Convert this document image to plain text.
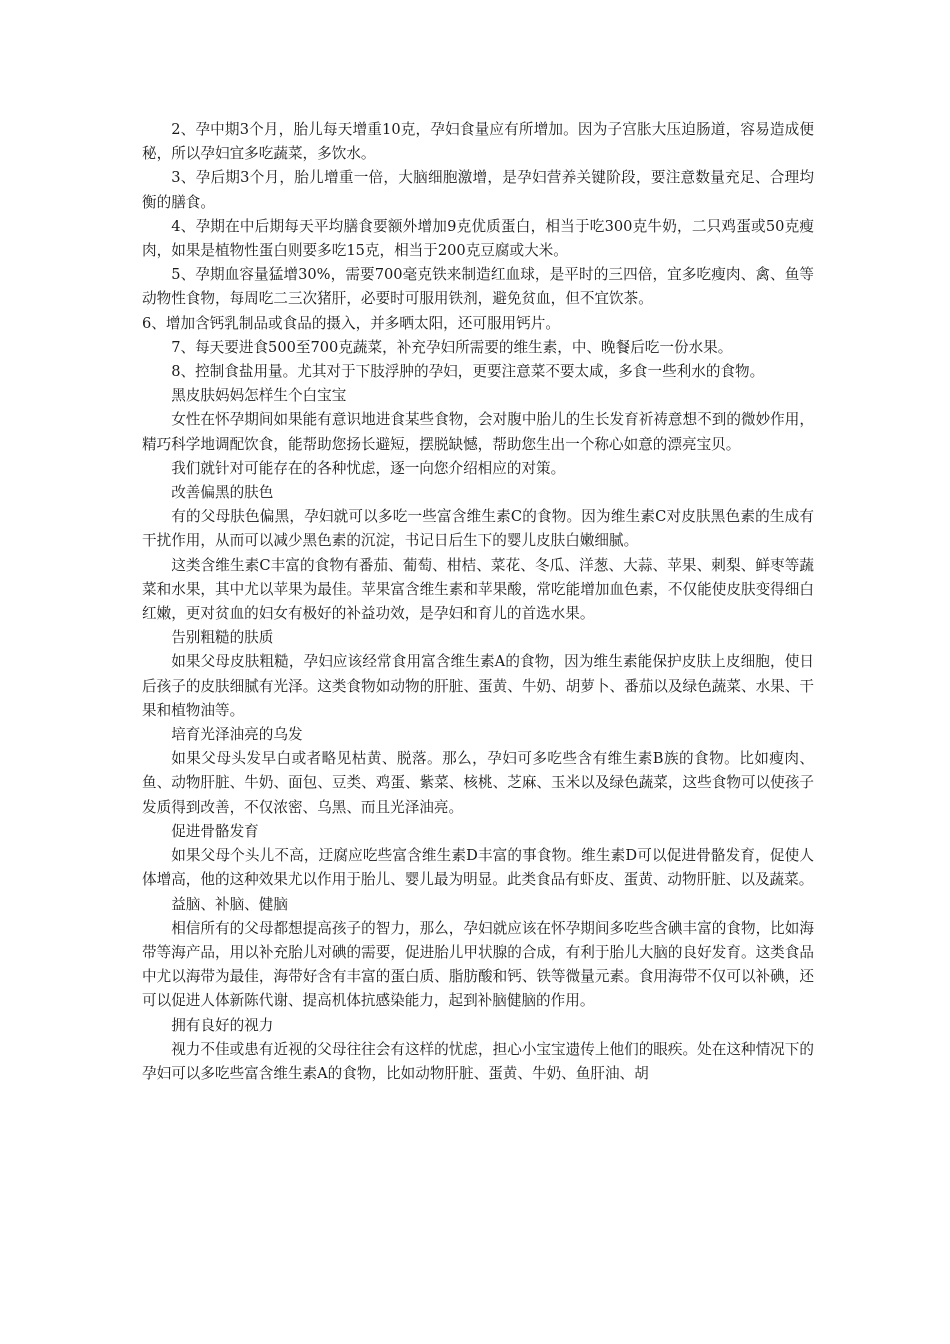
2、孕中期3个月，胎儿每天增重10克，孕妇食量应有所增加。因为子宫胀大压迫肠道，容易造成便秘，所以孕妇宜多吃蔬菜，多饮水。

3、孕后期3个月，胎儿增重一倍，大脑细胞激增，是孕妇营养关键阶段，要注意数量充足、合理均衡的膳食。

4、孕期在中后期每天平均膳食要额外增加9克优质蛋白，相当于吃300克牛奶，二只鸡蛋或50克瘦肉，如果是植物性蛋白则要多吃15克，相当于200克豆腐或大米。

5、孕期血容量猛增30%，需要700毫克铁来制造红血球，是平时的三四倍，宜多吃瘦肉、禽、鱼等动物性食物，每周吃二三次猪肝，必要时可服用铁剂，避免贫血，但不宜饮茶。

6、增加含钙乳制品或食品的摄入，并多晒太阳，还可服用钙片。

7、每天要进食500至700克蔬菜，补充孕妇所需要的维生素，中、晚餐后吃一份水果。

8、控制食盐用量。尤其对于下肢浮肿的孕妇，更要注意菜不要太咸，多食一些利水的食物。

黑皮肤妈妈怎样生个白宝宝

女性在怀孕期间如果能有意识地进食某些食物，会对腹中胎儿的生长发育祈祷意想不到的微妙作用，精巧科学地调配饮食，能帮助您扬长避短，摆脱缺憾，帮助您生出一个称心如意的漂亮宝贝。

我们就针对可能存在的各种忧虑，逐一向您介绍相应的对策。

改善偏黑的肤色

有的父母肤色偏黑，孕妇就可以多吃一些富含维生素C的食物。因为维生素C对皮肤黑色素的生成有干扰作用，从而可以减少黑色素的沉淀，书记日后生下的婴儿皮肤白嫩细腻。

这类含维生素C丰富的食物有番茄、葡萄、柑桔、菜花、冬瓜、洋葱、大蒜、苹果、刺梨、鲜枣等蔬菜和水果，其中尤以苹果为最佳。苹果富含维生素和苹果酸，常吃能增加血色素，不仅能使皮肤变得细白红嫩，更对贫血的妇女有极好的补益功效，是孕妇和育儿的首选水果。

告别粗糙的肤质

如果父母皮肤粗糙，孕妇应该经常食用富含维生素A的食物，因为维生素能保护皮肤上皮细胞，使日后孩子的皮肤细腻有光泽。这类食物如动物的肝脏、蛋黄、牛奶、胡萝卜、番茄以及绿色蔬菜、水果、干果和植物油等。

培育光泽油亮的乌发

如果父母头发早白或者略见枯黄、脱落。那么，孕妇可多吃些含有维生素B族的食物。比如瘦肉、鱼、动物肝脏、牛奶、面包、豆类、鸡蛋、紫菜、核桃、芝麻、玉米以及绿色蔬菜，这些食物可以使孩子发质得到改善，不仅浓密、乌黑、而且光泽油亮。

促进骨骼发育

如果父母个头儿不高，迂腐应吃些富含维生素D丰富的事食物。维生素D可以促进骨骼发育，促使人体增高，他的这种效果尤以作用于胎儿、婴儿最为明显。此类食品有虾皮、蛋黄、动物肝脏、以及蔬菜。

益脑、补脑、健脑

相信所有的父母都想提高孩子的智力，那么，孕妇就应该在怀孕期间多吃些含碘丰富的食物，比如海带等海产品，用以补充胎儿对碘的需要，促进胎儿甲状腺的合成，有利于胎儿大脑的良好发育。这类食品中尤以海带为最佳，海带好含有丰富的蛋白质、脂肪酸和钙、铁等微量元素。食用海带不仅可以补碘，还可以促进人体新陈代谢、提高机体抗感染能力，起到补脑健脑的作用。

拥有良好的视力

视力不佳或患有近视的父母往往会有这样的忧虑，担心小宝宝遗传上他们的眼疾。处在这种情况下的孕妇可以多吃些富含维生素A的食物，比如动物肝脏、蛋黄、牛奶、鱼肝油、胡
